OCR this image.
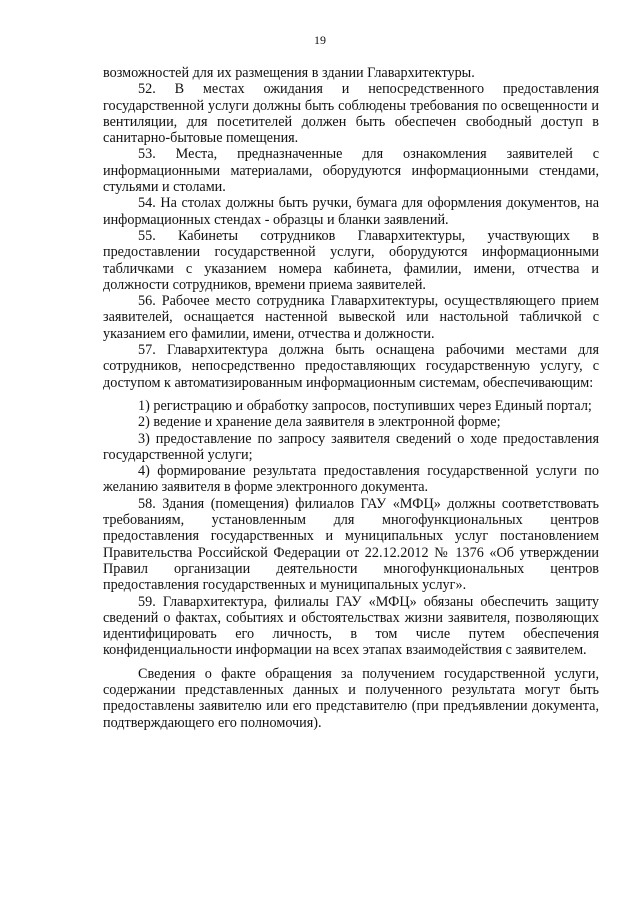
19

возможностей для их размещения в здании Главархитектуры.

52. В местах ожидания и непосредственного предоставления государственной услуги должны быть соблюдены требования по освещенности и вентиляции, для посетителей должен быть обеспечен свободный доступ в санитарно-бытовые помещения.

53. Места, предназначенные для ознакомления заявителей с информационными материалами, оборудуются информационными стендами, стульями и столами.

54. На столах должны быть ручки, бумага для оформления документов, на информационных стендах - образцы и бланки заявлений.

55. Кабинеты сотрудников Главархитектуры, участвующих в предоставлении государственной услуги, оборудуются информационными табличками с указанием номера кабинета, фамилии, имени, отчества и должности сотрудников, времени приема заявителей.

56. Рабочее место сотрудника Главархитектуры, осуществляющего прием заявителей, оснащается настенной вывеской или настольной табличкой с указанием его фамилии, имени, отчества и должности.

57. Главархитектура должна быть оснащена рабочими местами для сотрудников, непосредственно предоставляющих государственную услугу, с доступом к автоматизированным информационным системам, обеспечивающим:

1) регистрацию и обработку запросов, поступивших через Единый портал;

2) ведение и хранение дела заявителя в электронной форме;

3) предоставление по запросу заявителя сведений о ходе предоставления государственной услуги;

4) формирование результата предоставления государственной услуги по желанию заявителя в форме электронного документа.

58. Здания (помещения) филиалов ГАУ «МФЦ» должны соответствовать требованиям, установленным для многофункциональных центров предоставления государственных и муниципальных услуг постановлением Правительства Российской Федерации от 22.12.2012 № 1376 «Об утверждении Правил организации деятельности многофункциональных центров предоставления государственных и муниципальных услуг».

59. Главархитектура, филиалы ГАУ «МФЦ» обязаны обеспечить защиту сведений о фактах, событиях и обстоятельствах жизни заявителя, позволяющих идентифицировать его личность, в том числе путем обеспечения конфиденциальности информации на всех этапах взаимодействия с заявителем.

Сведения о факте обращения за получением государственной услуги, содержании представленных данных и полученного результата могут быть предоставлены заявителю или его представителю (при предъявлении документа, подтверждающего его полномочия).
